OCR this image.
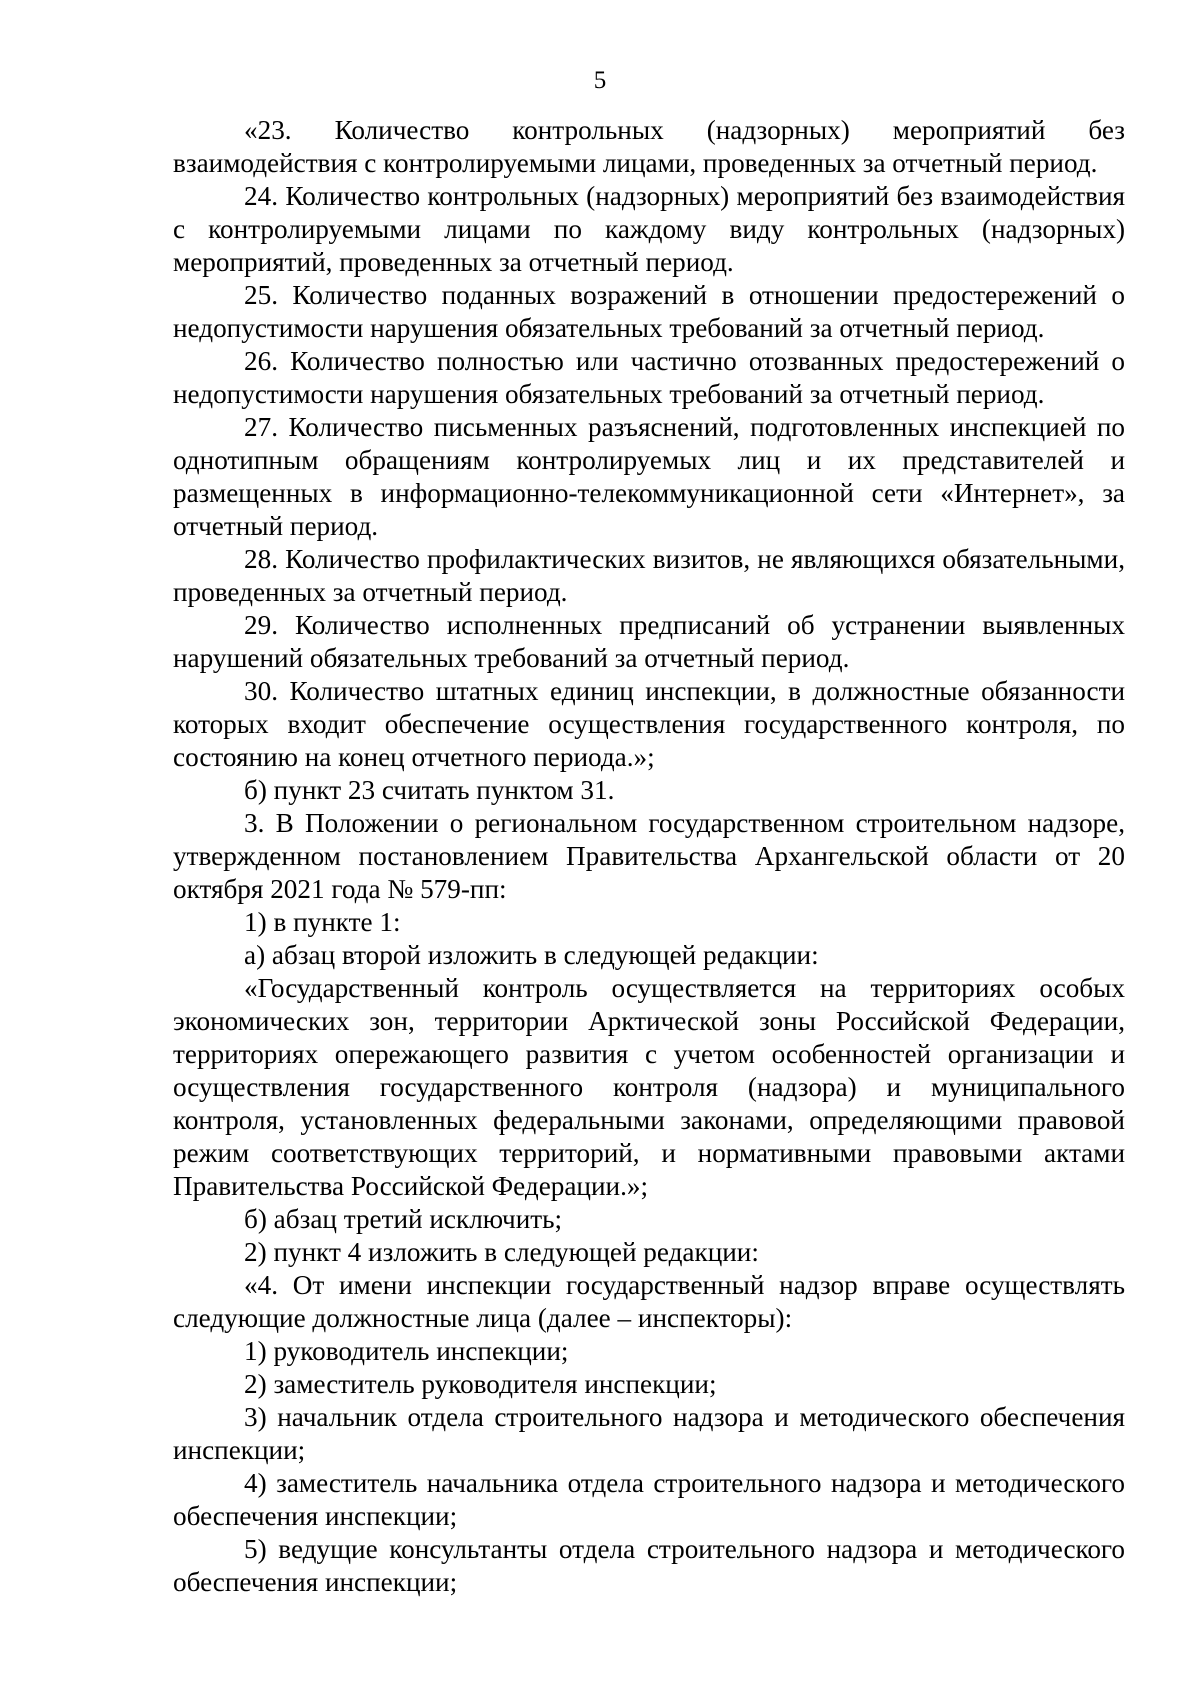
5

«23. Количество контрольных (надзорных) мероприятий без взаимодействия с контролируемыми лицами, проведенных за отчетный период.

24. Количество контрольных (надзорных) мероприятий без взаимодействия с контролируемыми лицами по каждому виду контрольных (надзорных) мероприятий, проведенных за отчетный период.

25. Количество поданных возражений в отношении предостережений о недопустимости нарушения обязательных требований за отчетный период.

26. Количество полностью или частично отозванных предостережений о недопустимости нарушения обязательных требований за отчетный период.

27. Количество письменных разъяснений, подготовленных инспекцией по однотипным обращениям контролируемых лиц и их представителей и размещенных в информационно-телекоммуникационной сети «Интернет», за отчетный период.

28. Количество профилактических визитов, не являющихся обязательными, проведенных за отчетный период.

29. Количество исполненных предписаний об устранении выявленных нарушений обязательных требований за отчетный период.

30. Количество штатных единиц инспекции, в должностные обязанности которых входит обеспечение осуществления государственного контроля, по состоянию на конец отчетного периода.»;

б) пункт 23 считать пунктом 31.

3. В Положении о региональном государственном строительном надзоре, утвержденном постановлением Правительства Архангельской области от 20 октября 2021 года № 579-пп:

1) в пункте 1:

а) абзац второй изложить в следующей редакции:

«Государственный контроль осуществляется на территориях особых экономических зон, территории Арктической зоны Российской Федерации, территориях опережающего развития с учетом особенностей организации и осуществления государственного контроля (надзора) и муниципального контроля, установленных федеральными законами, определяющими правовой режим соответствующих территорий, и нормативными правовыми актами Правительства Российской Федерации.»;

б) абзац третий исключить;

2) пункт 4 изложить в следующей редакции:

«4. От имени инспекции государственный надзор вправе осуществлять следующие должностные лица (далее – инспекторы):

1) руководитель инспекции;

2) заместитель руководителя инспекции;

3) начальник отдела строительного надзора и методического обеспечения инспекции;

4) заместитель начальника отдела строительного надзора и методического обеспечения инспекции;

5) ведущие консультанты отдела строительного надзора и методического обеспечения инспекции;
